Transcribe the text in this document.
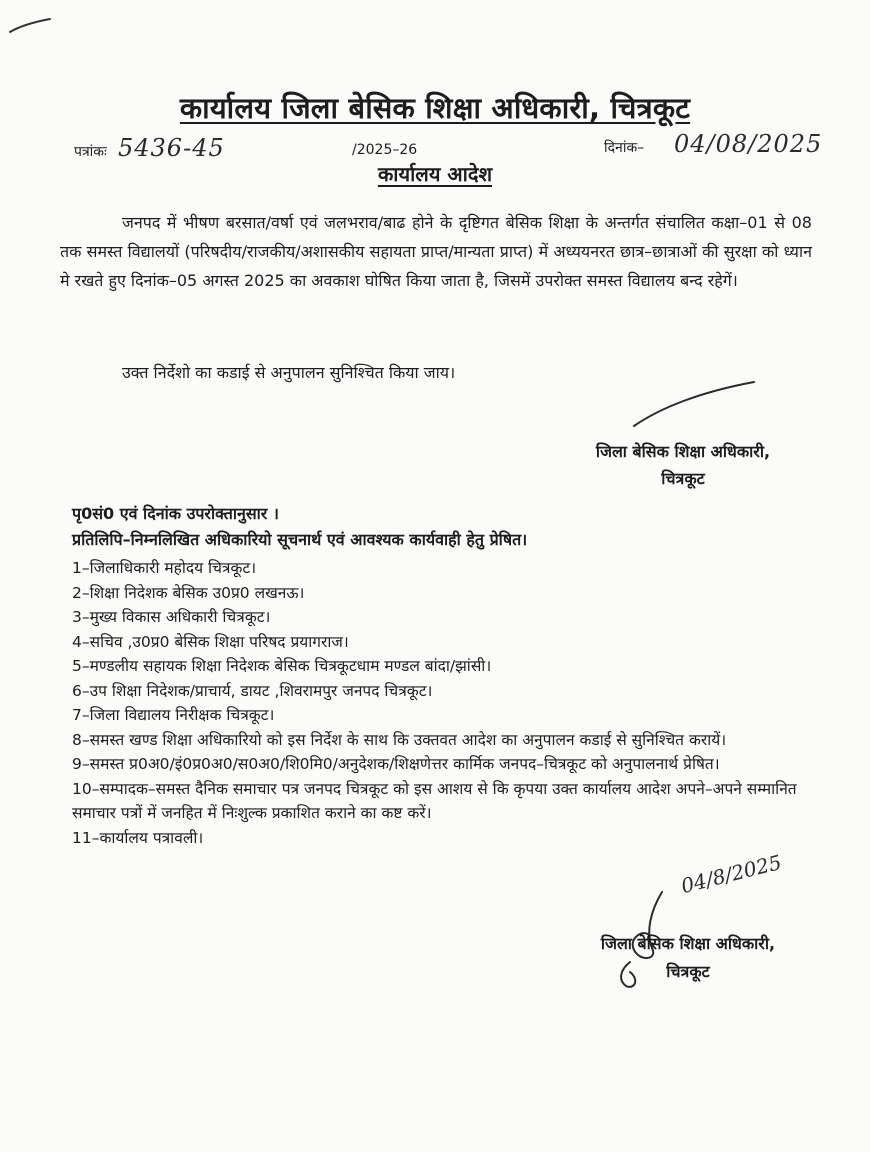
कार्यालय जिला बेसिक शिक्षा अधिकारी, चित्रकूट
पत्रांकः 5436-45	/2025–26	दिनांक– 04/08/2025
कार्यालय आदेश

जनपद में भीषण बरसात/वर्षा एवं जलभराव/बाढ होने के दृष्टिगत बेसिक शिक्षा के अन्तर्गत संचालित कक्षा–01 से 08 तक समस्त विद्यालयों (परिषदीय/राजकीय/अशासकीय सहायता प्राप्त/मान्यता प्राप्त) में अध्ययनरत छात्र–छात्राओं की सुरक्षा को ध्यान मे रखते हुए दिनांक–05 अगस्त 2025 का अवकाश घोषित किया जाता है, जिसमें उपरोक्त समस्त विद्यालय बन्द रहेगें।

उक्त निर्देशो का कडाई से अनुपालन सुनिश्चित किया जाय।

जिला बेसिक शिक्षा अधिकारी,
चित्रकूट
पृ0सं0 एवं दिनांक उपरोक्तानुसार ।
प्रतिलिपि–निम्नलिखित अधिकारियो सूचनार्थ एवं आवश्यक कार्यवाही हेतु प्रेषित।
1–जिलाधिकारी महोदय चित्रकूट।
2–शिक्षा निदेशक बेसिक उ0प्र0 लखनऊ।
3–मुख्य विकास अधिकारी चित्रकूट।
4–सचिव ,उ0प्र0 बेसिक शिक्षा परिषद प्रयागराज।
5–मण्डलीय सहायक शिक्षा निदेशक बेसिक चित्रकूटधाम मण्डल बांदा/झांसी।
6–उप शिक्षा निदेशक/प्राचार्य, डायट ,शिवरामपुर जनपद चित्रकूट।
7–जिला विद्यालय निरीक्षक चित्रकूट।
8–समस्त खण्ड शिक्षा अधिकारियो को इस निर्देश के साथ कि उक्तवत आदेश का अनुपालन कडाई से सुनिश्चित करायें।
9–समस्त प्र0अ0/इं0प्र0अ0/स0अ0/शि0मि0/अनुदेशक/शिक्षणेत्तर कार्मिक जनपद–चित्रकूट को अनुपालनार्थ प्रेषित।
10–सम्पादक–समस्त दैनिक समाचार पत्र जनपद चित्रकूट को इस आशय से कि कृपया उक्त कार्यालय आदेश अपने–अपने सम्मानित समाचार पत्रों में जनहित में निःशुल्क प्रकाशित कराने का कष्ट करें।
11–कार्यालय पत्रावली।
04/8/2025
जिला बेसिक शिक्षा अधिकारी,
चित्रकूट
